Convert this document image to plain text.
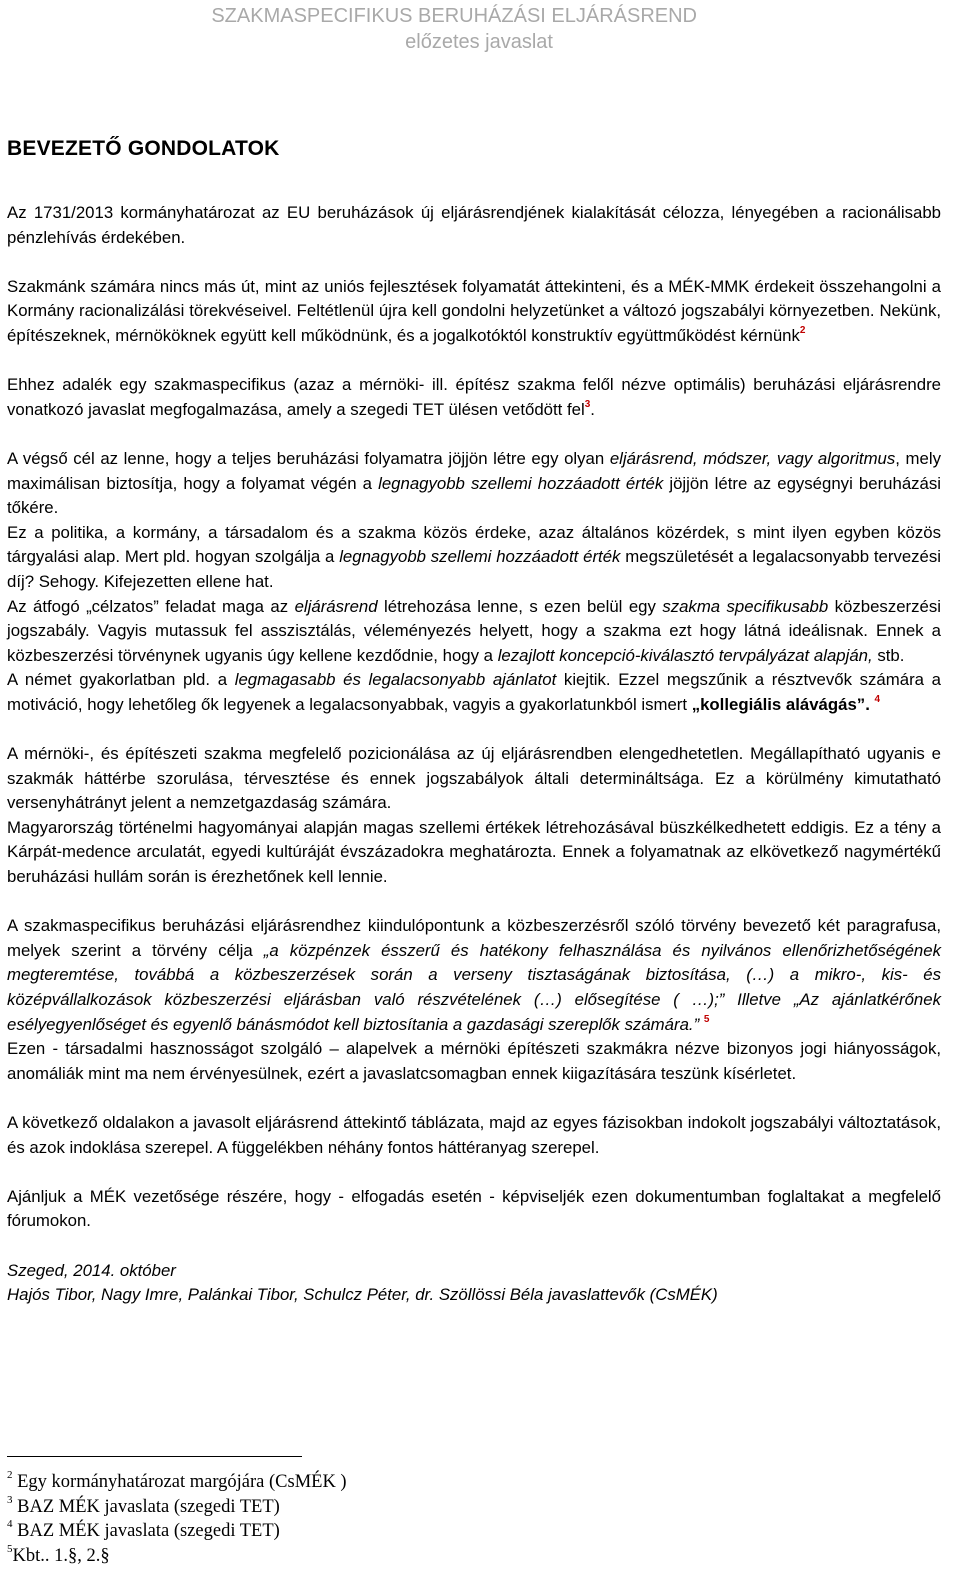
SZAKMASPECIFIKUS BERUHÁZÁSI ELJÁRÁSREND
előzetes javaslat
BEVEZETŐ GONDOLATOK

Az 1731/2013 kormányhatározat az EU beruházások új eljárásrendjének kialakítását célozza, lényegében a racionálisabb pénzlehívás érdekében.

Szakmánk számára nincs más út, mint az uniós fejlesztések folyamatát áttekinteni, és a MÉK-MMK érdekeit összehangolni a Kormány racionalizálási törekvéseivel. Feltétlenül újra kell gondolni helyzetünket a változó jogszabályi környezetben. Nekünk, építészeknek, mérnököknek együtt kell működnünk, és a jogalkotóktól konstruktív együttműködést kérnünk$^2$

Ehhez adalék egy szakmaspecifikus (azaz a mérnöki- ill. építész szakma felől nézve optimális) beruházási eljárásrendre vonatkozó javaslat megfogalmazása, amely a szegedi TET ülésen vetődött fel$^3$.

A végső cél az lenne, hogy a teljes beruházási folyamatra jöjjön létre egy olyan eljárásrend, módszer, vagy algoritmus, mely maximálisan biztosítja, hogy a folyamat végén a legnagyobb szellemi hozzáadott érték jöjjön létre az egységnyi beruházási tőkére.

Ez a politika, a kormány, a társadalom és a szakma közös érdeke, azaz általános közérdek, s mint ilyen egyben közös tárgyalási alap. Mert pld. hogyan szolgálja a legnagyobb szellemi hozzáadott érték megszületését a legalacsonyabb tervezési díj? Sehogy. Kifejezetten ellene hat.

Az átfogó „célzatos” feladat maga az eljárásrend létrehozása lenne, s ezen belül egy szakma specifikusabb közbeszerzési jogszabály. Vagyis mutassuk fel asszisztálás, véleményezés helyett, hogy a szakma ezt hogy látná ideálisnak. Ennek a közbeszerzési törvénynek ugyanis úgy kellene kezdődnie, hogy a lezajlott koncepció-kiválasztó tervpályázat alapján, stb.

A német gyakorlatban pld. a legmagasabb és legalacsonyabb ajánlatot kiejtik. Ezzel megszűnik a résztvevők számára a motiváció, hogy lehetőleg ők legyenek a legalacsonyabbak, vagyis a gyakorlatunkból ismert „kollegiális alávágás”. $^4$

A mérnöki-, és építészeti szakma megfelelő pozicionálása az új eljárásrendben elengedhetetlen. Megállapítható ugyanis e szakmák háttérbe szorulása, térvesztése és ennek jogszabályok általi determináltsága. Ez a körülmény kimutatható versenyhátrányt jelent a nemzetgazdaság számára.

Magyarország történelmi hagyományai alapján magas szellemi értékek létrehozásával büszkélkedhetett eddigis. Ez a tény a Kárpát-medence arculatát, egyedi kultúráját évszázadokra meghatározta. Ennek a folyamatnak az elkövetkező nagymértékű beruházási hullám során is érezhetőnek kell lennie.

A szakmaspecifikus beruházási eljárásrendhez kiindulópontunk a közbeszerzésről szóló törvény bevezető két paragrafusa, melyek szerint a törvény célja „a közpénzek ésszerű és hatékony felhasználása és nyilvános ellenőrizhetőségének megteremtése, továbbá a közbeszerzések során a verseny tisztaságának biztosítása, (…) a mikro-, kis- és középvállalkozások közbeszerzési eljárásban való részvételének (…) elősegítése ( …);” Illetve „Az ajánlatkérőnek esélyegyenlőséget és egyenlő bánásmódot kell biztosítania a gazdasági szereplők számára.” $^5$

Ezen - társadalmi hasznosságot szolgáló – alapelvek a mérnöki építészeti szakmákra nézve bizonyos jogi hiányosságok, anomáliák mint ma nem érvényesülnek, ezért a javaslatcsomagban ennek kiigazítására teszünk kísérletet.

A következő oldalakon a javasolt eljárásrend áttekintő táblázata, majd az egyes fázisokban indokolt jogszabályi változtatások, és azok indoklása szerepel. A függelékben néhány fontos háttéranyag szerepel.

Ajánljuk a MÉK vezetősége részére, hogy - elfogadás esetén - képviseljék ezen dokumentumban foglaltakat a megfelelő fórumokon.

Szeged, 2014. október

Hajós Tibor, Nagy Imre, Palánkai Tibor, Schulcz Péter, dr. Szöllössi Béla javaslattevők (CsMÉK)

$^2$ Egy kormányhatározat margójára (CsMÉK )
$^3$ BAZ MÉK javaslata (szegedi TET)
$^4$ BAZ MÉK javaslata (szegedi TET)
$^5$Kbt.. 1.§, 2.§
